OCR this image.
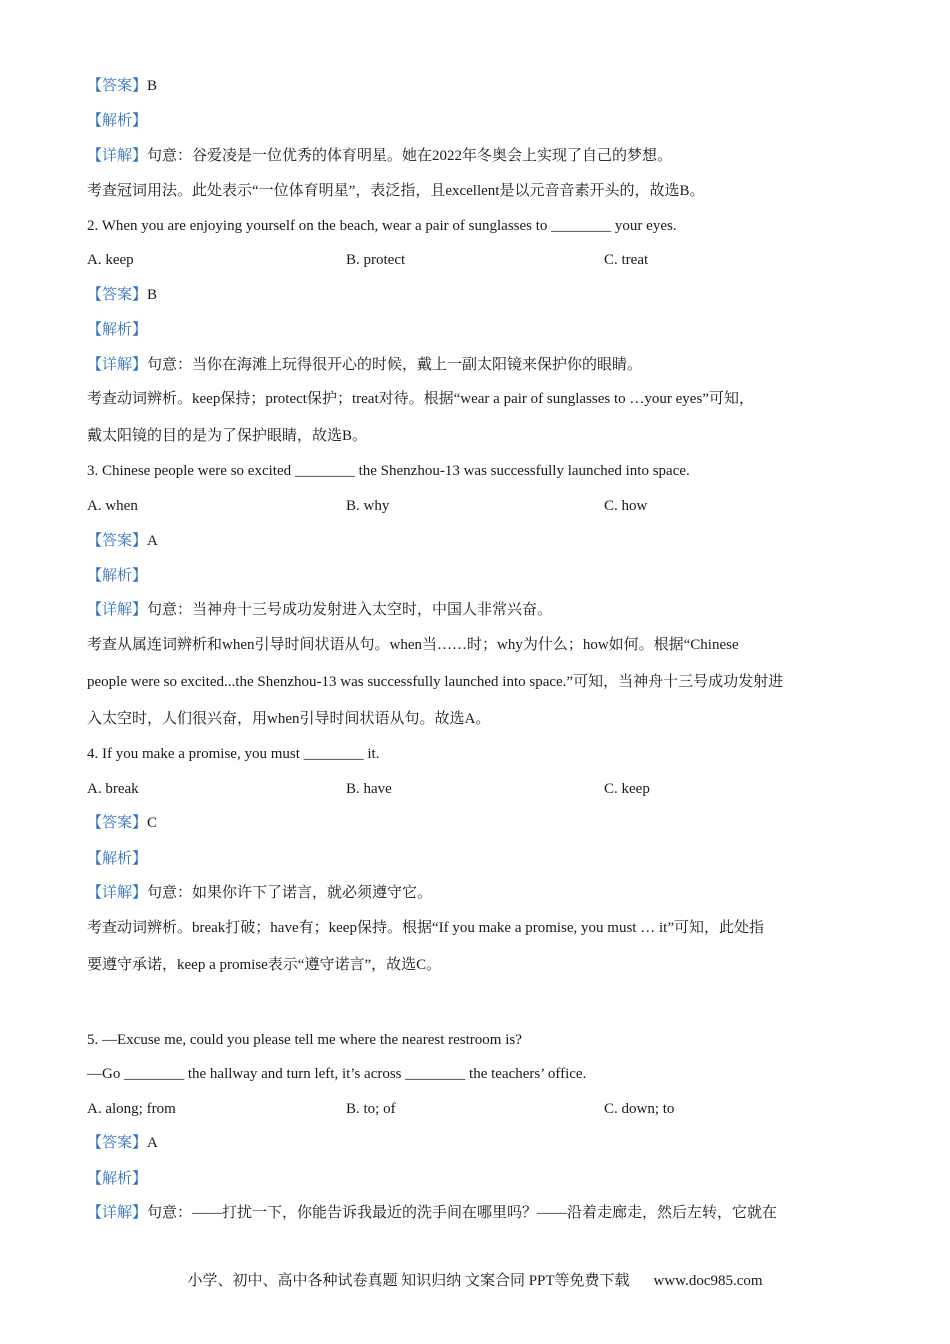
【答案】B
【解析】
【详解】句意：谷爱凌是一位优秀的体育明星。她在2022年冬奥会上实现了自己的梦想。
考查冠词用法。此处表示“一位体育明星”，表泛指，且excellent是以元音音素开头的，故选B。
2. When you are enjoying yourself on the beach, wear a pair of sunglasses to ________ your eyes.
A. keep	B. protect	C. treat
【答案】B
【解析】
【详解】句意：当你在海滩上玩得很开心的时候，戴上一副太阳镜来保护你的眼睛。
考查动词辨析。keep保持；protect保护；treat对待。根据“wear a pair of sunglasses to …your eyes”可知，
戴太阳镜的目的是为了保护眼睛，故选B。
3. Chinese people were so excited ________ the Shenzhou-13 was successfully launched into space.
A. when	B. why	C. how
【答案】A
【解析】
【详解】句意：当神舟十三号成功发射进入太空时，中国人非常兴奋。
考查从属连词辨析和when引导时间状语从句。when当……时；why为什么；how如何。根据“Chinese
people were so excited...the Shenzhou-13 was successfully launched into space.”可知，当神舟十三号成功发射进
入太空时，人们很兴奋，用when引导时间状语从句。故选A。
4. If you make a promise, you must ________ it.
A. break	B. have	C. keep
【答案】C
【解析】
【详解】句意：如果你许下了诺言，就必须遵守它。
考查动词辨析。break打破；have有；keep保持。根据“If you make a promise, you must … it”可知，此处指
要遵守承诺，keep a promise表示“遵守诺言”，故选C。
5. —Excuse me, could you please tell me where the nearest restroom is?
—Go ________ the hallway and turn left, it’s across ________ the teachers’ office.
A. along; from	B. to; of	C. down; to
【答案】A
【解析】
【详解】句意：——打扰一下，你能告诉我最近的洗手间在哪里吗？——沿着走廊走，然后左转，它就在
小学、初中、高中各种试卷真题 知识归纳 文案合同 PPT等免费下载 www.doc985.com
